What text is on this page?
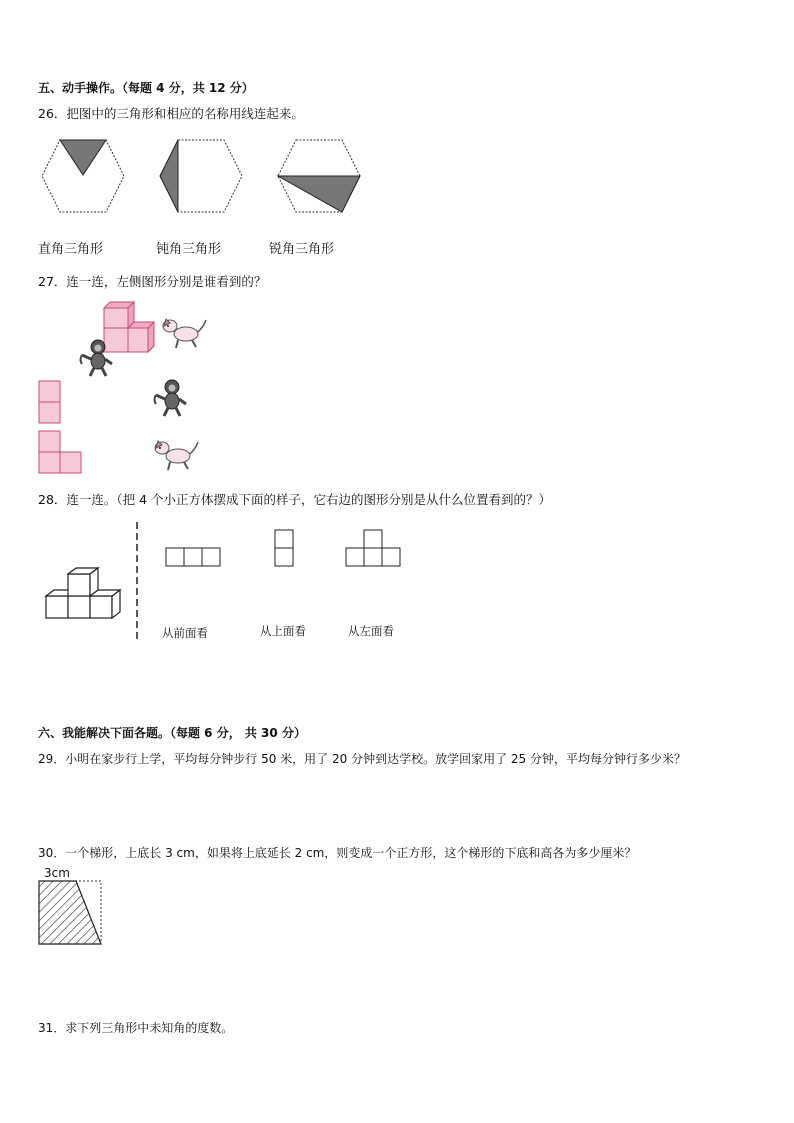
五、动手操作。（每题 4 分，共 12 分）
26．把图中的三角形和相应的名称用线连起来。
直角三角形	钝角三角形	锐角三角形
27．连一连，左侧图形分别是谁看到的？
28．连一连。（把 4 个小正方体摆成下面的样子，它右边的图形分别是从什么位置看到的？）
从前面看	从上面看	从左面看
六、我能解决下面各题。（每题 6 分， 共 30 分）
29．小明在家步行上学，平均每分钟步行 50 米，用了 20 分钟到达学校。放学回家用了 25 分钟，平均每分钟行多少米？
30．一个梯形，上底长 3 cm，如果将上底延长 2 cm，则变成一个正方形，这个梯形的下底和高各为多少厘米？
3cm
31．求下列三角形中未知角的度数。
